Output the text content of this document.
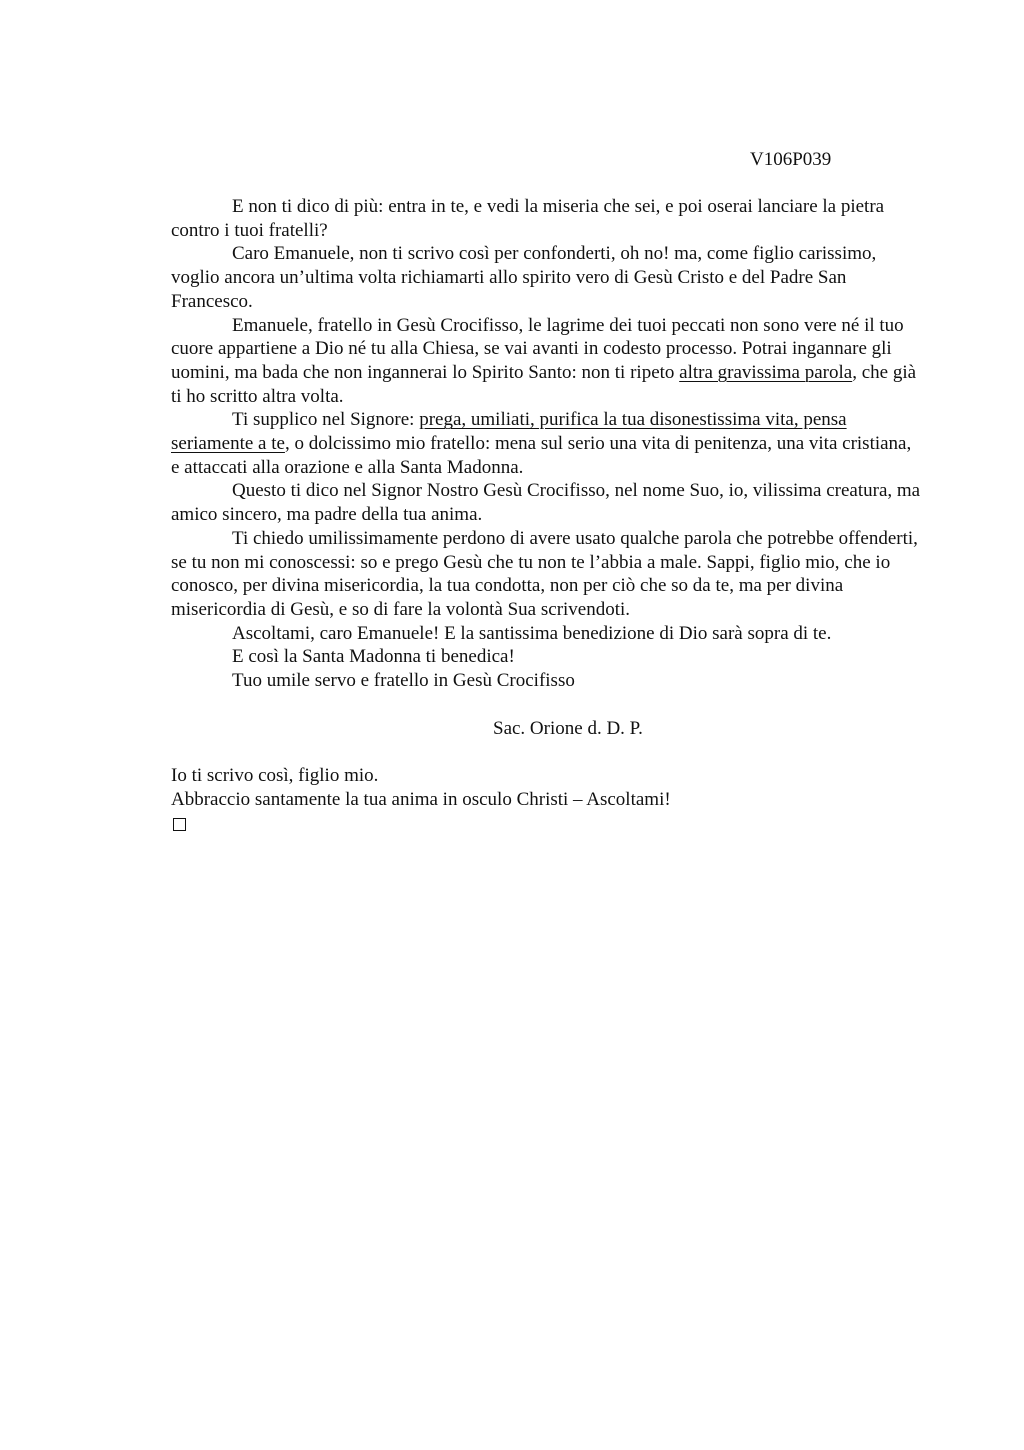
V106P039

E non ti dico di più: entra in te, e vedi la miseria che sei, e poi oserai lanciare la pietra contro i tuoi fratelli?

Caro Emanuele, non ti scrivo così per confonderti, oh no! ma, come figlio carissimo, voglio ancora un’ultima volta richiamarti allo spirito vero di Gesù Cristo e del Padre San Francesco.

Emanuele, fratello in Gesù Crocifisso, le lagrime dei tuoi peccati non sono vere né il tuo cuore appartiene a Dio né tu alla Chiesa, se vai avanti in codesto processo. Potrai ingannare gli uomini, ma bada che non ingannerai lo Spirito Santo: non ti ripeto altra gravissima parola, che già ti ho scritto altra volta.

Ti supplico nel Signore: prega, umiliati, purifica la tua disonestissima vita, pensa seriamente a te, o dolcissimo mio fratello: mena sul serio una vita di penitenza, una vita cristiana, e attaccati alla orazione e alla Santa Madonna.

Questo ti dico nel Signor Nostro Gesù Crocifisso, nel nome Suo, io, vilissima creatura, ma amico sincero, ma padre della tua anima.

Ti chiedo umilissimamente perdono di avere usato qualche parola che potrebbe offenderti, se tu non mi conoscessi: so e prego Gesù che tu non te l’abbia a male. Sappi, figlio mio, che io conosco, per divina misericordia, la tua condotta, non per ciò che so da te, ma per divina misericordia di Gesù, e so di fare la volontà Sua scrivendoti.

Ascoltami, caro Emanuele! E la santissima benedizione di Dio sarà sopra di te.

E così la Santa Madonna ti benedica!

Tuo umile servo e fratello in Gesù Crocifisso

Sac. Orione d. D. P.

Io ti scrivo così, figlio mio.

Abbraccio santamente la tua anima in osculo Christi – Ascoltami!
